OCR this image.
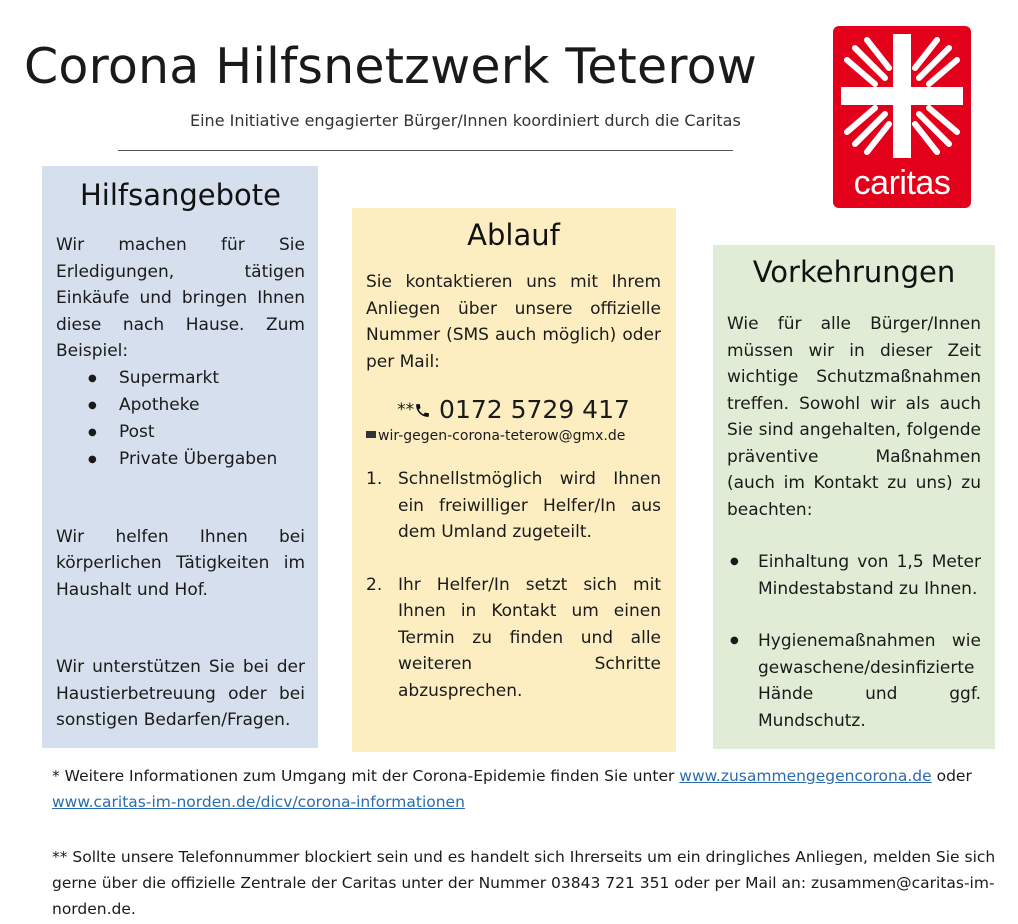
Corona Hilfsnetzwerk Teterow
Eine Initiative engagierter Bürger/Innen koordiniert durch die Caritas
caritas
Hilfsangebote

Wir machen für Sie Erledigungen, tätigen Einkäufe und bringen Ihnen diese nach Hause. Zum Beispiel:

● Supermarkt
● Apotheke
● Post
● Private Übergaben

Wir helfen Ihnen bei körperlichen Tätigkeiten im Haushalt und Hof.

Wir unterstützen Sie bei der Haustierbetreuung oder bei sonstigen Bedarfen/Fragen.

Ablauf

Sie kontaktieren uns mit Ihrem Anliegen über unsere offizielle Nummer (SMS auch möglich) oder per Mail:

** 0172 5729 417
wir-gegen-corona-teterow@gmx.de
1. Schnellstmöglich wird Ihnen ein freiwilliger Helfer/In aus dem Umland zugeteilt.
2. Ihr Helfer/In setzt sich mit Ihnen in Kontakt um einen Termin zu finden und alle weiteren Schritte abzusprechen.
Vorkehrungen

Wie für alle Bürger/Innen müssen wir in dieser Zeit wichtige Schutzmaßnahmen treffen. Sowohl wir als auch Sie sind angehalten, folgende präventive Maßnahmen (auch im Kontakt zu uns) zu beachten:

● Einhaltung von 1,5 Meter Mindestabstand zu Ihnen.
● Hygienemaßnahmen wie gewaschene/desinfizierte Hände und ggf. Mundschutz.
* Weitere Informationen zum Umgang mit der Corona-Epidemie finden Sie unter www.zusammengegencorona.de oder
www.caritas-im-norden.de/dicv/corona-informationen
** Sollte unsere Telefonnummer blockiert sein und es handelt sich Ihrerseits um ein dringliches Anliegen, melden Sie sich gerne über die offizielle Zentrale der Caritas unter der Nummer 03843 721 351 oder per Mail an: zusammen@caritas-im-norden.de.
